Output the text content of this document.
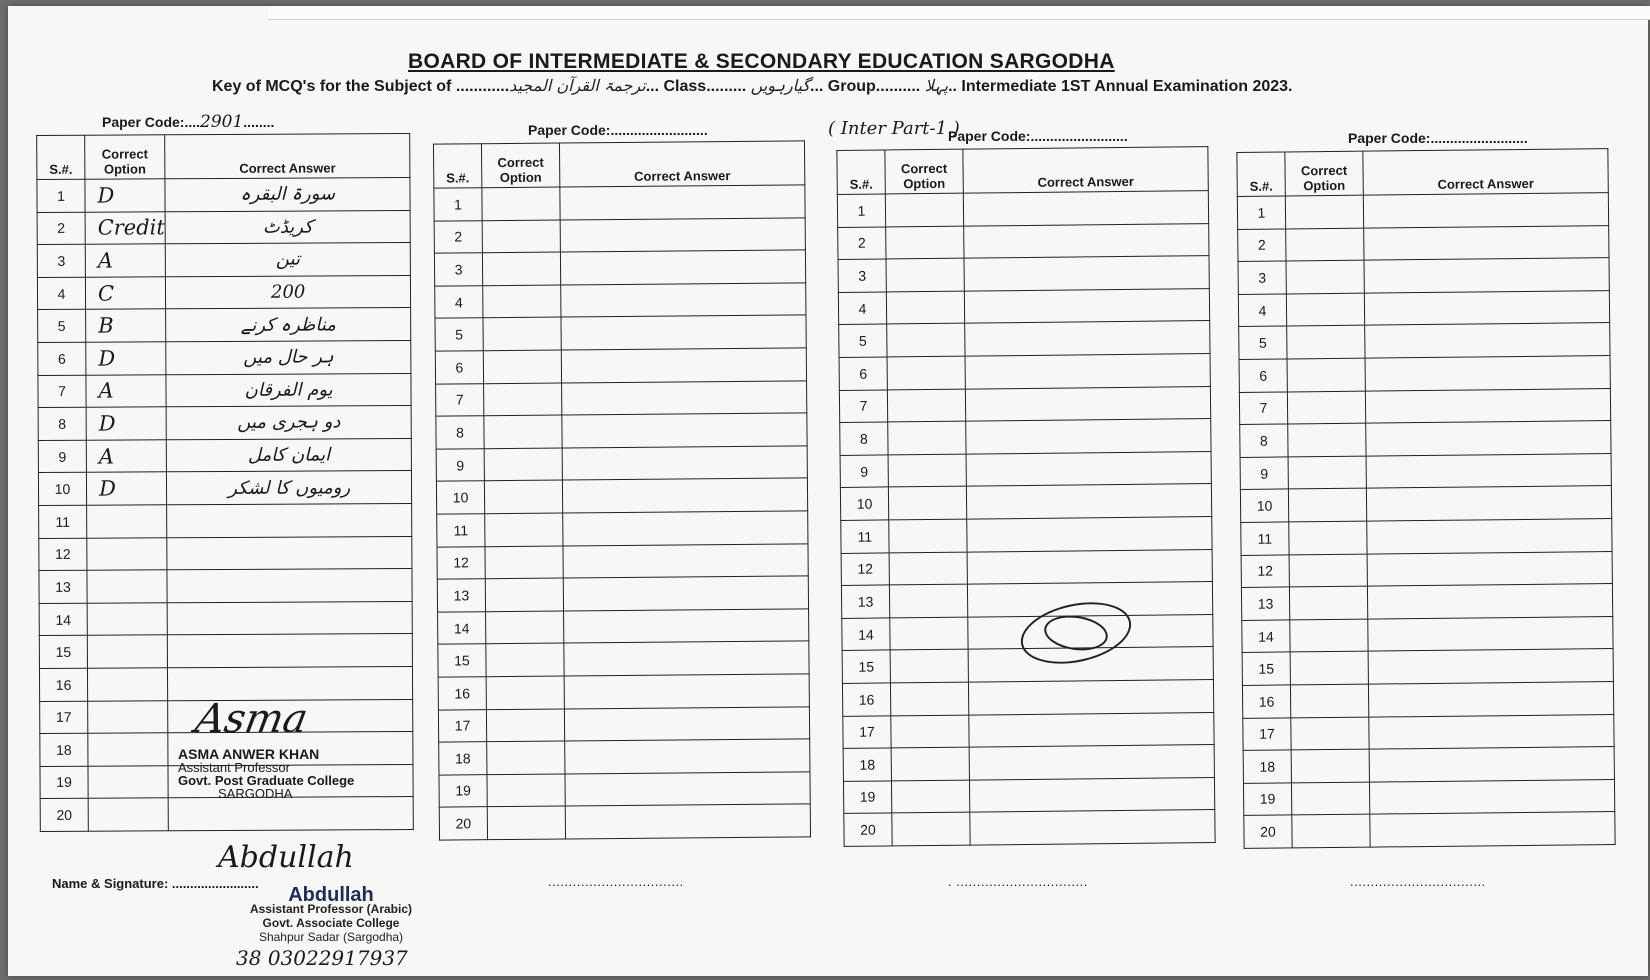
BOARD OF INTERMEDIATE & SECONDARY EDUCATION SARGODHA
Key of MCQ's for the Subject of ............ترجمۃ القرآن المجید... Class......... گیارہویں... Group.......... پہلا.. Intermediate 1ST Annual Examination 2023.
( Inter Part-1 )
Paper Code:....2901........	Paper Code:.........................	Paper Code:.........................	Paper Code:.........................
S.#.	Correct Option	Correct Answer
1	D	سورۃ البقرہ
2	Credit	کریڈٹ
3	A	تین
4	C	200
5	B	مناظرہ کرنے
6	D	ہر حال میں
7	A	یوم الفرقان
8	D	دو ہجری میں
9	A	ایمان کامل
10	D	رومیوں کا لشکر
11		
12		
13		
14		
15		
16		
17		
18		
19		
20		
S.#.	Correct Option	Correct Answer
1		
2		
3		
4		
5		
6		
7		
8		
9		
10		
11		
12		
13		
14		
15		
16		
17		
18		
19		
20		
S.#.	Correct Option	Correct Answer
1		
2		
3		
4		
5		
6		
7		
8		
9		
10		
11		
12		
13		
14		
15		
16		
17		
18		
19		
20		
S.#.	Correct Option	Correct Answer
1		
2		
3		
4		
5		
6		
7		
8		
9		
10		
11		
12		
13		
14		
15		
16		
17		
18		
19		
20		
Asma
ASMA ANWER KHAN
Assistant Professor
Govt. Post Graduate College
SARGODHA
Abdullah
Name & Signature: ........................	.................................	. ................................	.................................
Abdullah
Assistant Professor (Arabic)
Govt. Associate College
Shahpur Sadar (Sargodha)
38 03022917937
